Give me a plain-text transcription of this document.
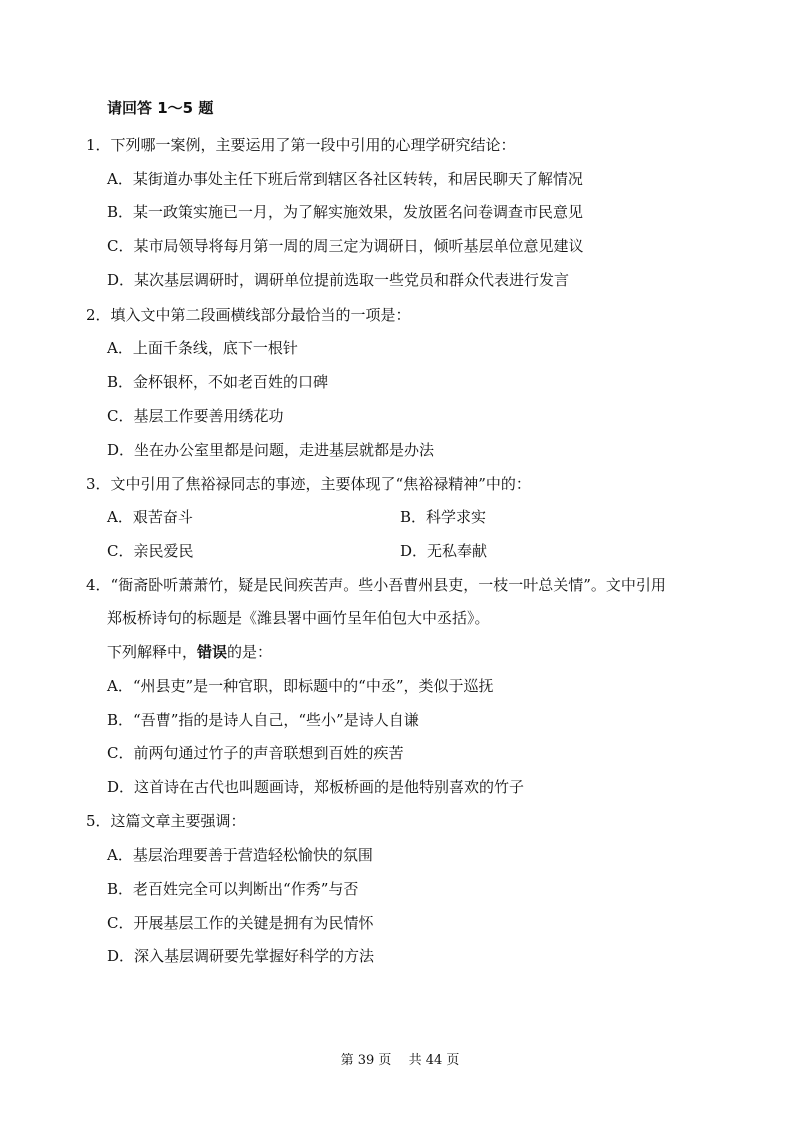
请回答 1～5 题
1．下列哪一案例，主要运用了第一段中引用的心理学研究结论：
A．某街道办事处主任下班后常到辖区各社区转转，和居民聊天了解情况
B．某一政策实施已一月，为了解实施效果，发放匿名问卷调查市民意见
C．某市局领导将每月第一周的周三定为调研日，倾听基层单位意见建议
D．某次基层调研时，调研单位提前选取一些党员和群众代表进行发言
2．填入文中第二段画横线部分最恰当的一项是：
A．上面千条线，底下一根针
B．金杯银杯，不如老百姓的口碑
C．基层工作要善用绣花功
D．坐在办公室里都是问题，走进基层就都是办法
3．文中引用了焦裕禄同志的事迹，主要体现了“焦裕禄精神”中的：
A．艰苦奋斗	B．科学求实
C．亲民爱民	D．无私奉献
4．“衙斋卧听萧萧竹，疑是民间疾苦声。些小吾曹州县吏，一枝一叶总关情”。文中引用
郑板桥诗句的标题是《潍县署中画竹呈年伯包大中丞括》。
下列解释中，错误的是：
A．“州县吏”是一种官职，即标题中的“中丞”，类似于巡抚
B．“吾曹”指的是诗人自己，“些小”是诗人自谦
C．前两句通过竹子的声音联想到百姓的疾苦
D．这首诗在古代也叫题画诗，郑板桥画的是他特别喜欢的竹子
5．这篇文章主要强调：
A．基层治理要善于营造轻松愉快的氛围
B．老百姓完全可以判断出“作秀”与否
C．开展基层工作的关键是拥有为民情怀
D．深入基层调研要先掌握好科学的方法
第 39 页　 共 44 页
